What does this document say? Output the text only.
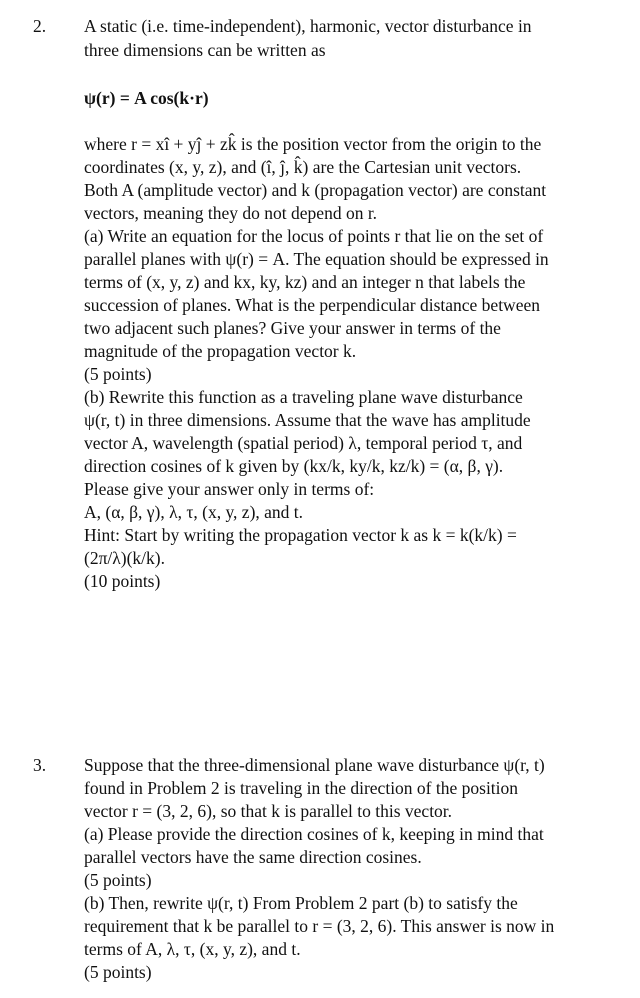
2. A static (i.e. time-independent), harmonic, vector disturbance in
three dimensions can be written as
ψ(r) = A cos(k·r)
where r = xî + yĵ + zk̂ is the position vector from the origin to the
coordinates (x, y, z), and (î, ĵ, k̂) are the Cartesian unit vectors.
Both A (amplitude vector) and k (propagation vector) are constant
vectors, meaning they do not depend on r.
(a) Write an equation for the locus of points r that lie on the set of
parallel planes with ψ(r) = A. The equation should be expressed in
terms of (x, y, z) and kx, ky, kz) and an integer n that labels the
succession of planes. What is the perpendicular distance between
two adjacent such planes? Give your answer in terms of the
magnitude of the propagation vector k.
(5 points)
(b) Rewrite this function as a traveling plane wave disturbance
ψ(r, t) in three dimensions. Assume that the wave has amplitude
vector A, wavelength (spatial period) λ, temporal period τ, and
direction cosines of k given by (kx/k, ky/k, kz/k) = (α, β, γ).
Please give your answer only in terms of:
A, (α, β, γ), λ, τ, (x, y, z), and t.
Hint: Start by writing the propagation vector k as k = k(k/k) =
(2π/λ)(k/k).
(10 points)
3. Suppose that the three-dimensional plane wave disturbance ψ(r, t)
found in Problem 2 is traveling in the direction of the position
vector r = (3, 2, 6), so that k is parallel to this vector.
(a) Please provide the direction cosines of k, keeping in mind that
parallel vectors have the same direction cosines.
(5 points)
(b) Then, rewrite ψ(r, t) From Problem 2 part (b) to satisfy the
requirement that k be parallel to r = (3, 2, 6). This answer is now in
terms of A, λ, τ, (x, y, z), and t.
(5 points)
